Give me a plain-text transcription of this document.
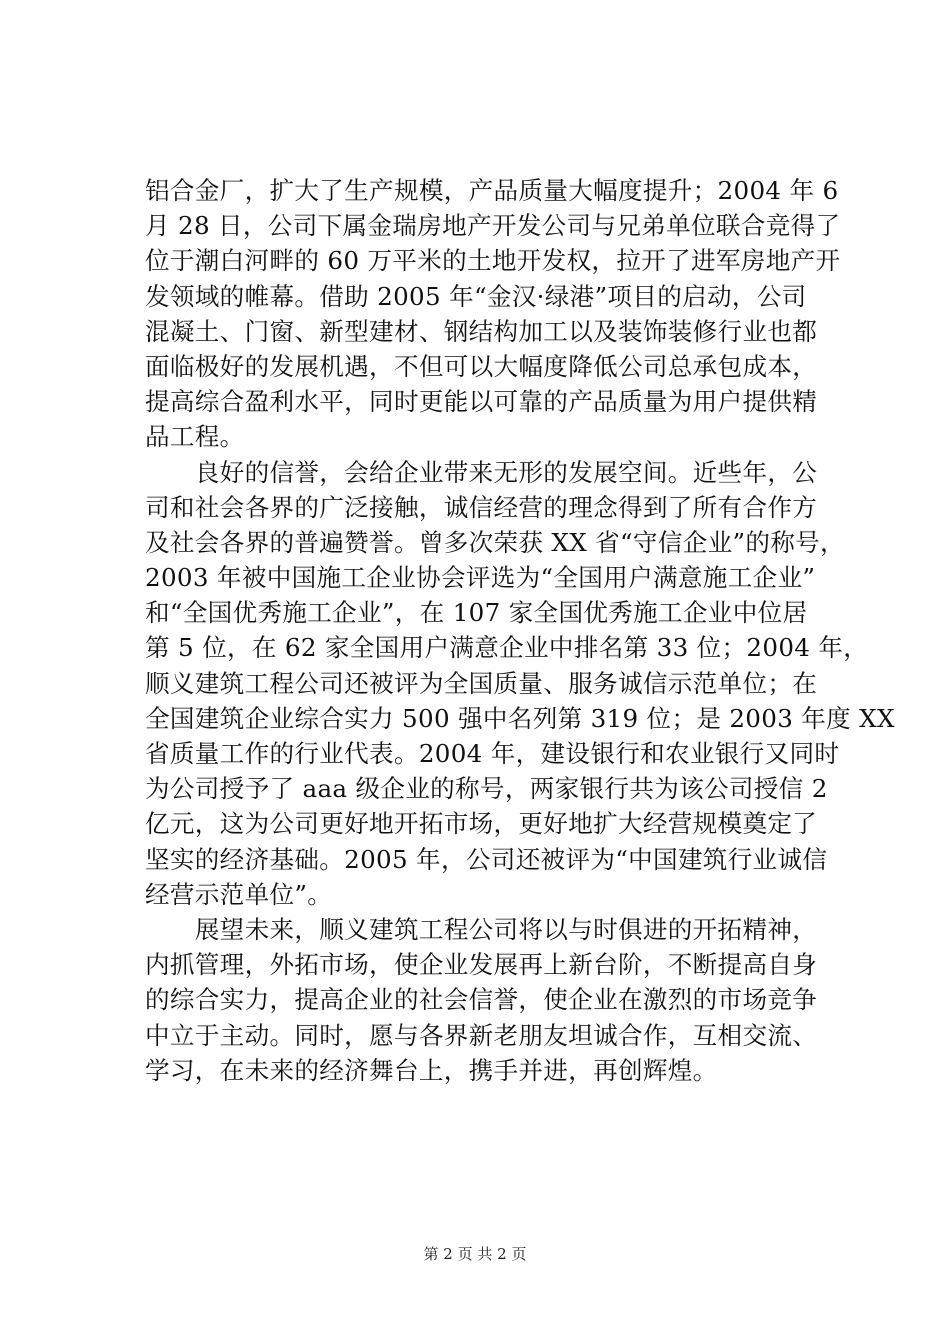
铝合金厂，扩大了生产规模，产品质量大幅度提升；2004 年 6
月 28 日，公司下属金瑞房地产开发公司与兄弟单位联合竞得了
位于潮白河畔的 60 万平米的土地开发权，拉开了进军房地产开
发领域的帷幕。借助 2005 年“金汉·绿港”项目的启动，公司
混凝土、门窗、新型建材、钢结构加工以及装饰装修行业也都
面临极好的发展机遇，不但可以大幅度降低公司总承包成本，
提高综合盈利水平，同时更能以可靠的产品质量为用户提供精
品工程。
　　良好的信誉，会给企业带来无形的发展空间。近些年，公
司和社会各界的广泛接触，诚信经营的理念得到了所有合作方
及社会各界的普遍赞誉。曾多次荣获 XX 省“守信企业”的称号，
2003 年被中国施工企业协会评选为“全国用户满意施工企业”
和“全国优秀施工企业”，在 107 家全国优秀施工企业中位居
第 5 位，在 62 家全国用户满意企业中排名第 33 位；2004 年，
顺义建筑工程公司还被评为全国质量、服务诚信示范单位；在
全国建筑企业综合实力 500 强中名列第 319 位；是 2003 年度 XX
省质量工作的行业代表。2004 年，建设银行和农业银行又同时
为公司授予了 aaa 级企业的称号，两家银行共为该公司授信 2
亿元，这为公司更好地开拓市场，更好地扩大经营规模奠定了
坚实的经济基础。2005 年，公司还被评为“中国建筑行业诚信
经营示范单位”。
　　展望未来，顺义建筑工程公司将以与时俱进的开拓精神，
内抓管理，外拓市场，使企业发展再上新台阶，不断提高自身
的综合实力，提高企业的社会信誉，使企业在激烈的市场竞争
中立于主动。同时，愿与各界新老朋友坦诚合作，互相交流、
学习，在未来的经济舞台上，携手并进，再创辉煌。
第 2 页 共 2 页
